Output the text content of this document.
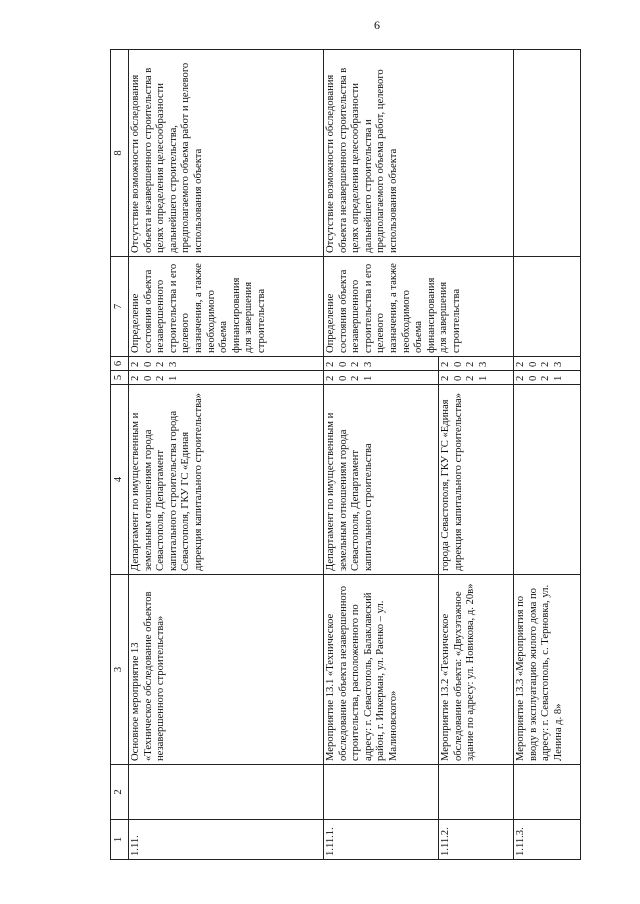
6
1	2	3	4	5	6	7	8
1.11.		Основное мероприятие 13 «Техническое обследование объектов незавершенного строительства»	Департамент по имущественным и земельным отношениям города Севастополя, Департамент капитального строительства города Севастополя, ГКУ ГС «Единая дирекция капитального строительства»	2021	2023	Определение состояния объекта незавершенного строительства и его целевого назначения, а также необходимого объема финансирования для завершения строительства	Отсутствие возможности обследования объекта незавершенного строительства в целях определения целесообразности дальнейшего строительства, предполагаемого объема работ и целевого использования объекта
1.11.1.		Мероприятие 13.1 «Техническое обследование объекта незавершенного строительства, расположенного по адресу: г. Севастополь, Балаклавский район, г. Инкерман, ул. Раенко – ул. Малиновского»	Департамент по имущественным и земельным отношениям города Севастополя, Департамент капитального строительства	2021	2023	Определение состояния объекта незавершенного строительства и его целевого назначения, а также необходимого объема финансирования для завершения строительства	Отсутствие возможности обследования объекта незавершенного строительства в целях определения целесообразности дальнейшего строительства и предполагаемого объема работ, целевого использования объекта
1.11.2.		Мероприятие 13.2 «Техническое обследование объекта: «Двухэтажное здание по адресу: ул. Новикова, д. 20в»	города Севастополя, ГКУ ГС «Единая дирекция капитального строительства»	2021	2023		
1.11.3.		Мероприятие 13.3 «Мероприятия по вводу в эксплуатацию жилого дома по адресу: г. Севастополь, с. Терновка, ул. Ленина д. 8»		2021	2023		
